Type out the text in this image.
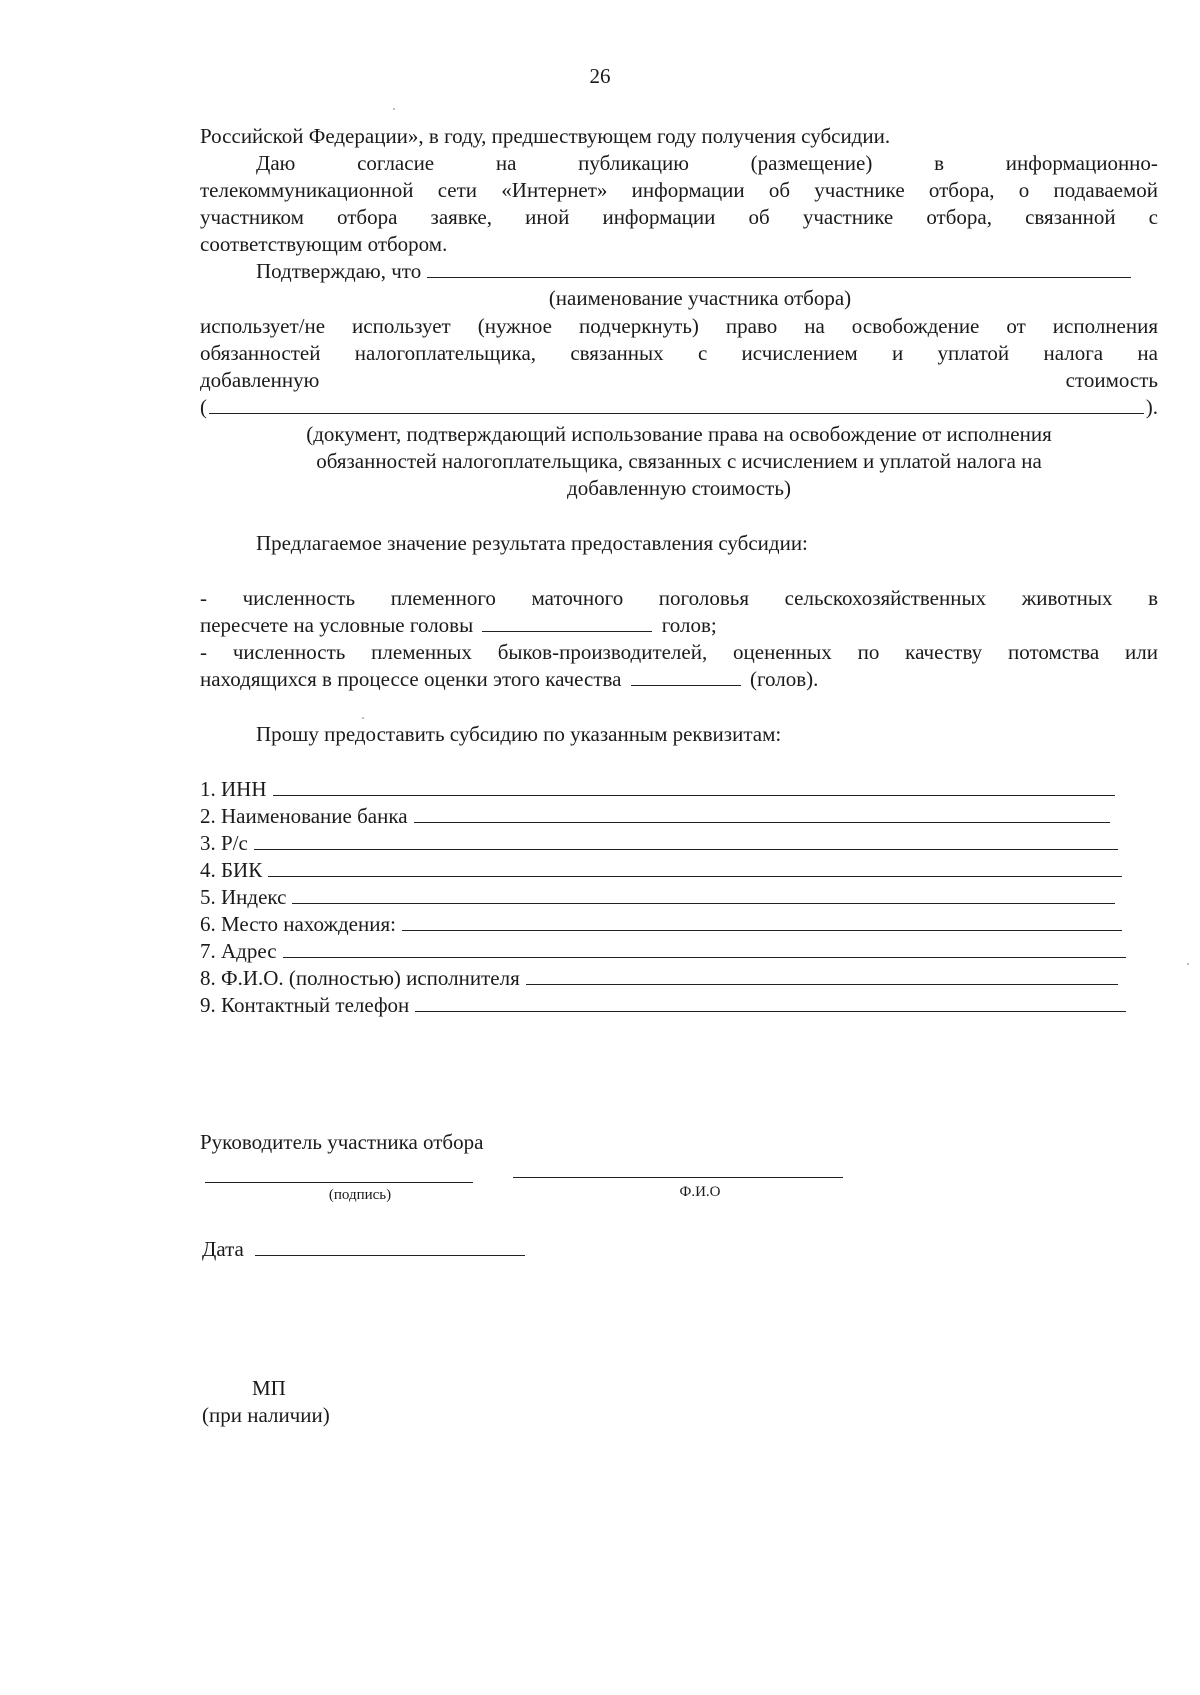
26
Российской Федерации», в году, предшествующем году получения субсидии.
Даю	согласие	на	публикацию	(размещение)	в	информационно-
телекоммуникационной сети «Интернет» информации об участнике отбора, о подаваемой
участником отбора заявке, иной информации об участнике отбора, связанной с
соответствующим отбором.
Подтверждаю, что
(наименование участника отбора)
использует/не использует (нужное подчеркнуть) право на освобождение от исполнения
обязанностей налогоплательщика, связанных с исчислением и уплатой налога на
добавленную	стоимость
(	).
(документ, подтверждающий использование права на освобождение от исполнения
обязанностей налогоплательщика, связанных с исчислением и уплатой налога на
добавленную стоимость)
Предлагаемое значение результата предоставления субсидии:
- численность племенного маточного поголовья сельскохозяйственных животных в
пересчете на условные головы	голов;
- численность племенных быков-производителей, оцененных по качеству потомства или
находящихся в процессе оценки этого качества	(голов).
Прошу предоставить субсидию по указанным реквизитам:
1. ИНН
2. Наименование банка
3. Р/с
4. БИК
5. Индекс
6. Место нахождения:
7. Адрес
8. Ф.И.О. (полностью) исполнителя
9. Контактный телефон
Руководитель участника отбора
(подпись)	Ф.И.О
Дата
МП
(при наличии)
